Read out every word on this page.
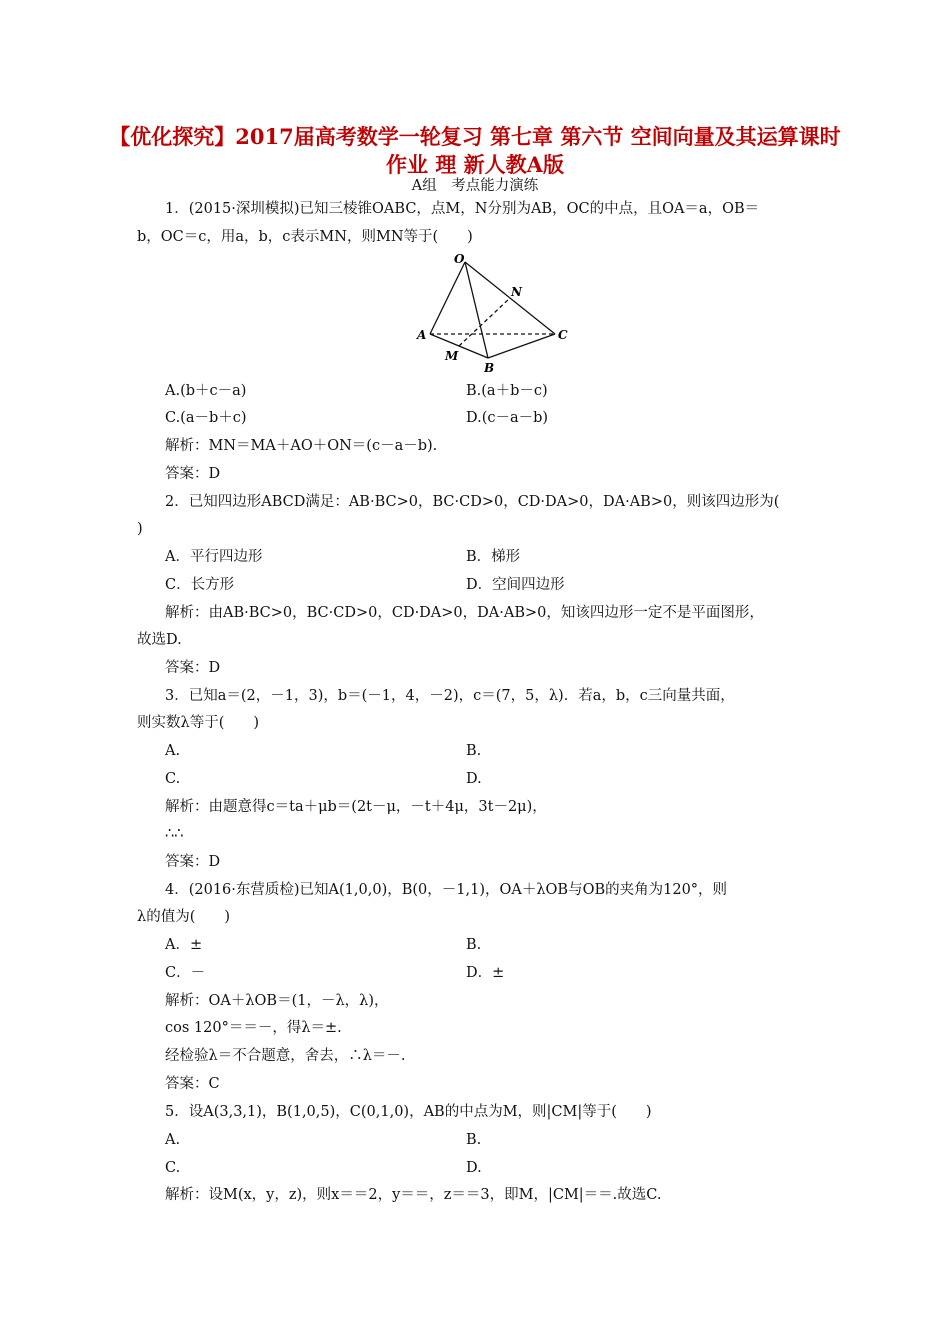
【优化探究】2017届高考数学一轮复习 第七章 第六节 空间向量及其运算课时作业 理 新人教A版
A组　考点能力演练
1．(2015·深圳模拟)已知三棱锥OABC，点M，N分别为AB，OC的中点，且OA＝a，OB＝
b，OC＝c，用a，b，c表示MN，则MN等于(　　)
O
N
A	C
M
B
A.(b＋c－a)	B.(a＋b－c)
C.(a－b＋c)	D.(c－a－b)
解析：MN＝MA＋AO＋ON＝(c－a－b).
答案：D
2．已知四边形ABCD满足：AB·BC>0，BC·CD>0，CD·DA>0，DA·AB>0，则该四边形为(
)
A．平行四边形	B．梯形
C．长方形	D．空间四边形
解析：由AB·BC>0，BC·CD>0，CD·DA>0，DA·AB>0，知该四边形一定不是平面图形，
故选D.
答案：D
3．已知a＝(2，－1，3)，b＝(－1，4，－2)，c＝(7，5，λ)．若a，b，c三向量共面，
则实数λ等于(　　)
A.	B.
C.	D.
解析：由题意得c＝ta＋μb＝(2t－μ，－t＋4μ，3t－2μ)，
∴∴
答案：D
4．(2016·东营质检)已知A(1,0,0)，B(0，－1,1)，OA＋λOB与OB的夹角为120°，则
λ的值为(　　)
A．±	B.
C．－	D．±
解析：OA＋λOB＝(1，－λ，λ)，
cos 120°＝＝－，得λ＝±.
经检验λ＝不合题意，舍去，∴λ＝－.
答案：C
5．设A(3,3,1)，B(1,0,5)，C(0,1,0)，AB的中点为M，则|CM|等于(　　)
A.	B.
C.	D.
解析：设M(x，y，z)，则x＝＝2，y＝＝，z＝＝3，即M，|CM|＝＝.故选C.
